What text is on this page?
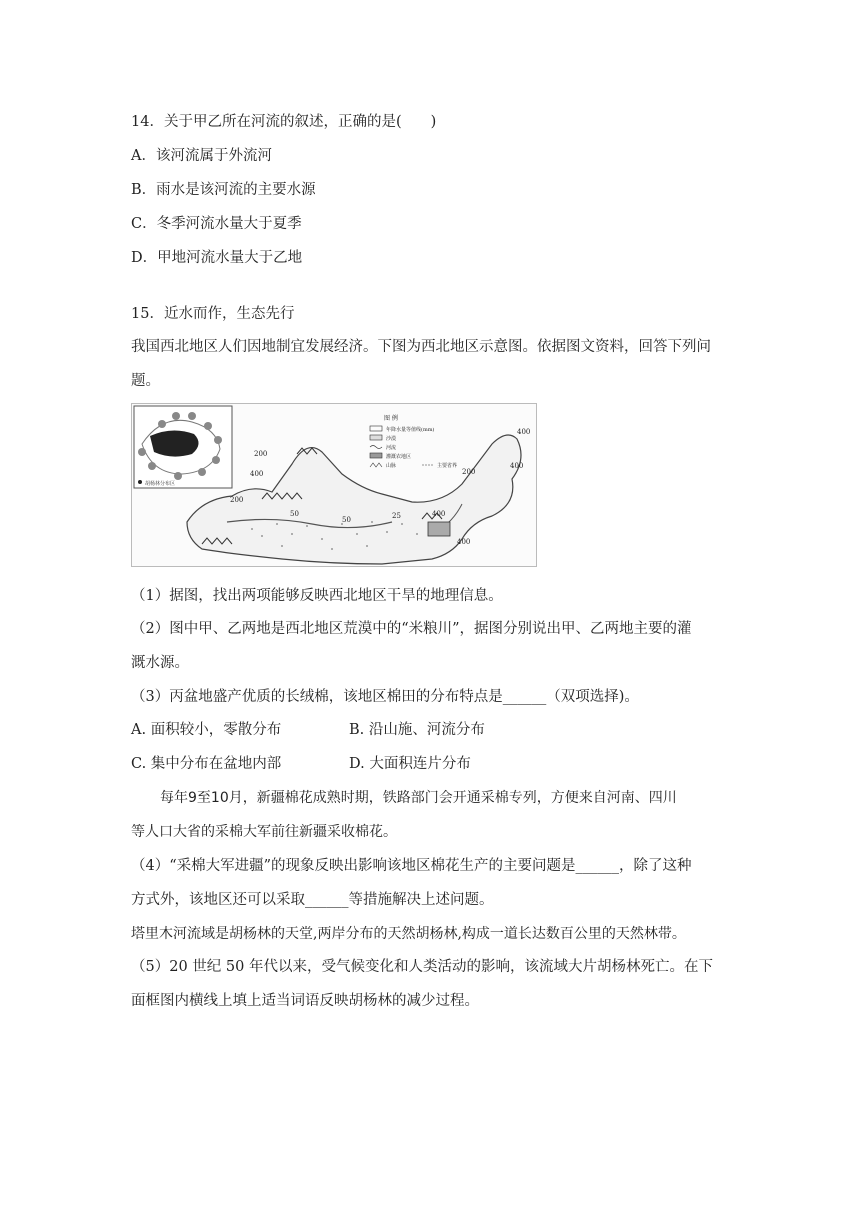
14．关于甲乙所在河流的叙述，正确的是(　　)
A．该河流属于外流河
B．雨水是该河流的主要水源
C．冬季河流水量大于夏季
D．甲地河流水量大于乙地
15．近水而作，生态先行
我国西北地区人们因地制宜发展经济。下图为西北地区示意图。依据图文资料，回答下列问
题。
胡杨林分布区
200
400
200
50
50	25
400
400
400
200
400
图 例
年降水量等值线(mm)
沙漠
河流
灌溉农地区
山脉	主要省界
（1）据图，找出两项能够反映西北地区干旱的地理信息。
（2）图中甲、乙两地是西北地区荒漠中的“米粮川”，据图分别说出甲、乙两地主要的灌
溉水源。
（3）丙盆地盛产优质的长绒棉，该地区棉田的分布特点是______（双项选择)。
A. 面积较小，零散分布	B. 沿山施、河流分布
C. 集中分布在盆地内部	D. 大面积连片分布
每年9至10月，新疆棉花成熟时期，铁路部门会开通采棉专列，方便来自河南、四川
等人口大省的采棉大军前往新疆采收棉花。
（4）“采棉大军进疆”的现象反映出影响该地区棉花生产的主要问题是______，除了这种
方式外，该地区还可以采取______等措施解决上述问题。
塔里木河流域是胡杨林的天堂,两岸分布的天然胡杨林,构成一道长达数百公里的天然林带。
（5）20 世纪 50 年代以来，受气候变化和人类活动的影响，该流域大片胡杨林死亡。在下
面框图内横线上填上适当词语反映胡杨林的减少过程。
